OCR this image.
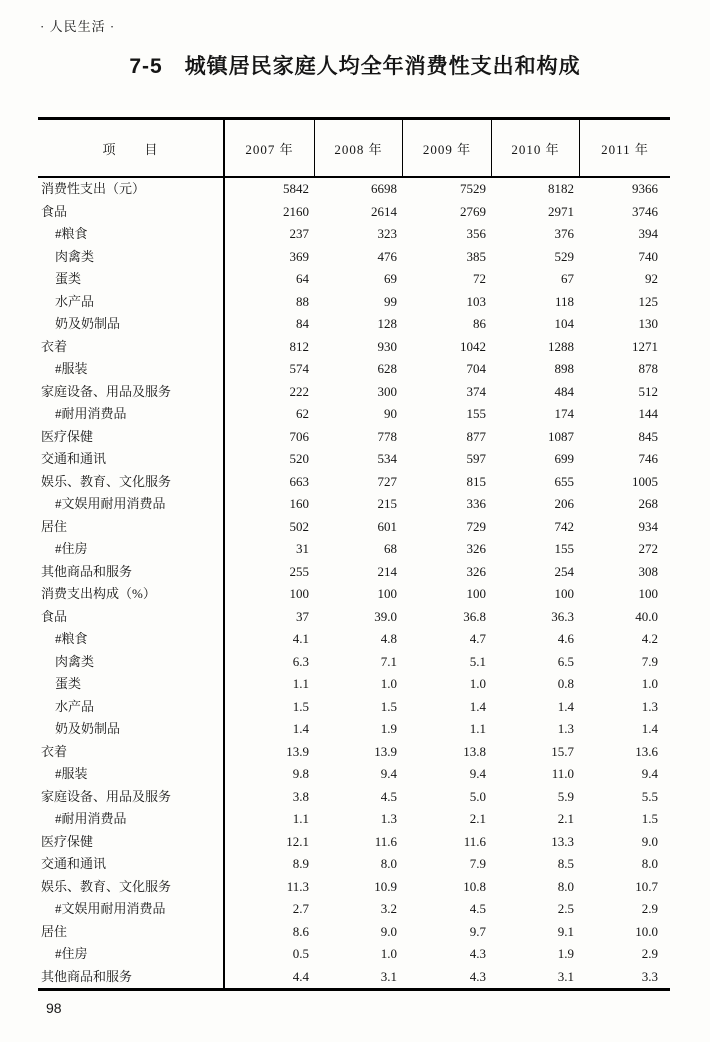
· 人民生活 ·
7-5　城镇居民家庭人均全年消费性支出和构成
项　　目	2007 年	2008 年	2009 年	2010 年	2011 年
消费性支出（元）	5842	6698	7529	8182	9366
食品	2160	2614	2769	2971	3746
#粮食	237	323	356	376	394
肉禽类	369	476	385	529	740
蛋类	64	69	72	67	92
水产品	88	99	103	118	125
奶及奶制品	84	128	86	104	130
衣着	812	930	1042	1288	1271
#服装	574	628	704	898	878
家庭设备、用品及服务	222	300	374	484	512
#耐用消费品	62	90	155	174	144
医疗保健	706	778	877	1087	845
交通和通讯	520	534	597	699	746
娱乐、教育、文化服务	663	727	815	655	1005
#文娱用耐用消费品	160	215	336	206	268
居住	502	601	729	742	934
#住房	31	68	326	155	272
其他商品和服务	255	214	326	254	308
消费支出构成（%）	100	100	100	100	100
食品	37	39.0	36.8	36.3	40.0
#粮食	4.1	4.8	4.7	4.6	4.2
肉禽类	6.3	7.1	5.1	6.5	7.9
蛋类	1.1	1.0	1.0	0.8	1.0
水产品	1.5	1.5	1.4	1.4	1.3
奶及奶制品	1.4	1.9	1.1	1.3	1.4
衣着	13.9	13.9	13.8	15.7	13.6
#服装	9.8	9.4	9.4	11.0	9.4
家庭设备、用品及服务	3.8	4.5	5.0	5.9	5.5
#耐用消费品	1.1	1.3	2.1	2.1	1.5
医疗保健	12.1	11.6	11.6	13.3	9.0
交通和通讯	8.9	8.0	7.9	8.5	8.0
娱乐、教育、文化服务	11.3	10.9	10.8	8.0	10.7
#文娱用耐用消费品	2.7	3.2	4.5	2.5	2.9
居住	8.6	9.0	9.7	9.1	10.0
#住房	0.5	1.0	4.3	1.9	2.9
其他商品和服务	4.4	3.1	4.3	3.1	3.3
98
